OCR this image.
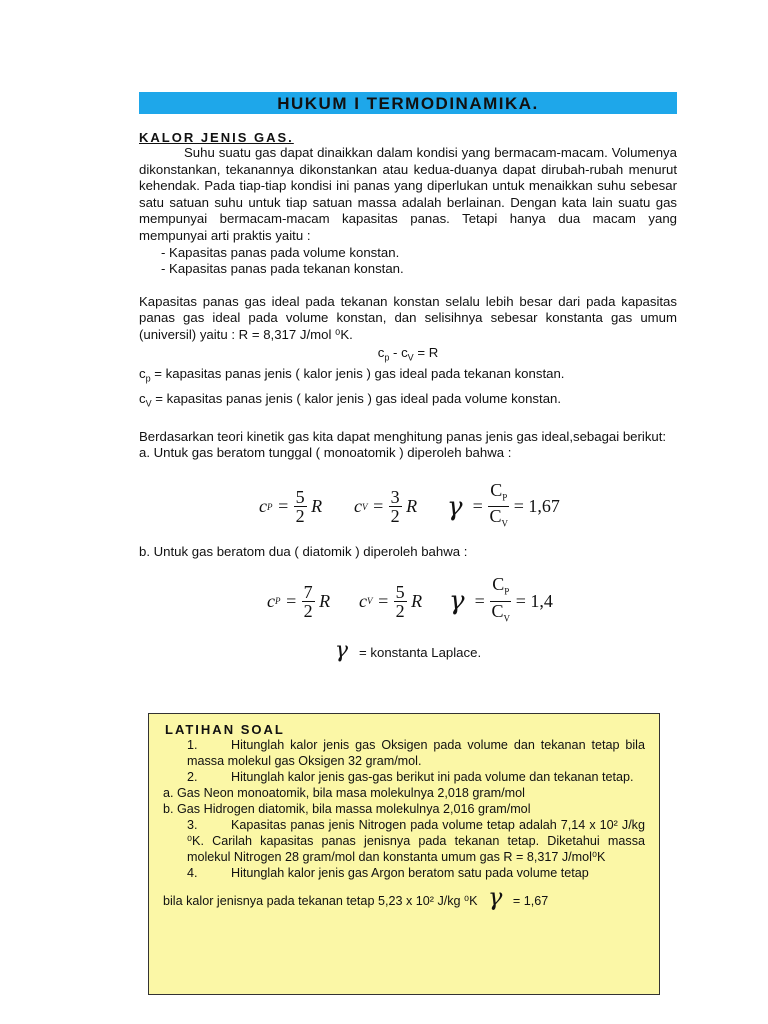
HUKUM I TERMODINAMIKA.
KALOR JENIS GAS.

Suhu suatu gas dapat dinaikkan dalam kondisi yang bermacam-macam. Volumenya dikonstankan, tekanannya dikonstankan atau kedua-duanya dapat dirubah-rubah menurut kehendak. Pada tiap-tiap kondisi ini panas yang diperlukan untuk menaikkan suhu sebesar satu satuan suhu untuk tiap satuan massa adalah berlainan. Dengan kata lain suatu gas mempunyai bermacam-macam kapasitas panas. Tetapi hanya dua macam yang mempunyai arti praktis yaitu :

- Kapasitas panas pada volume konstan.
- Kapasitas panas pada tekanan konstan.

Kapasitas panas gas ideal pada tekanan konstan selalu lebih besar dari pada kapasitas panas gas ideal pada volume konstan, dan selisihnya sebesar konstanta gas umum (universil) yaitu : R = 8,317 J/mol ⁰K.

$c_p - c_V = R$

$c_p$ = kapasitas panas jenis ( kalor jenis ) gas ideal pada tekanan konstan.

$c_V$ = kapasitas panas jenis ( kalor jenis ) gas ideal pada volume konstan.

Berdasarkan teori kinetik gas kita dapat menghitung panas jenis gas ideal,sebagai berikut:

a. Untuk gas beratom tunggal ( monoatomik ) diperoleh bahwa :

c $P = \frac{5}{2}$ R c $V = \frac{3}{2}$ R $\gamma = \frac{C_P}{C_V}$
= 1,67

b. Untuk gas beratom dua ( diatomik ) diperoleh bahwa :

c $P = \frac{7}{2}$ R c $V = \frac{5}{2}$ R $\gamma = \frac{C_P}{C_V}$
= 1,4
γ = konstanta Laplace.
LATIHAN SOAL

1.	Hitunglah kalor jenis gas Oksigen pada volume dan tekanan tetap bila massa molekul gas Oksigen 32 gram/mol.

2.	Hitunglah kalor jenis gas-gas berikut ini pada volume dan tekanan tetap.

a. Gas Neon monoatomik, bila masa molekulnya 2,018 gram/mol

b. Gas Hidrogen diatomik, bila massa molekulnya 2,016 gram/mol

3.	Kapasitas panas jenis Nitrogen pada volume tetap adalah 7,14 x 10² J/kg ⁰K. Carilah kapasitas panas jenisnya pada tekanan tetap. Diketahui massa molekul Nitrogen 28 gram/mol dan konstanta umum gas R = 8,317 J/mol⁰K

4.	Hitunglah kalor jenis gas Argon beratom satu pada volume tetap

bila kalor jenisnya pada tekanan tetap 5,23 x 10² J/kg ⁰K γ = 1,67
